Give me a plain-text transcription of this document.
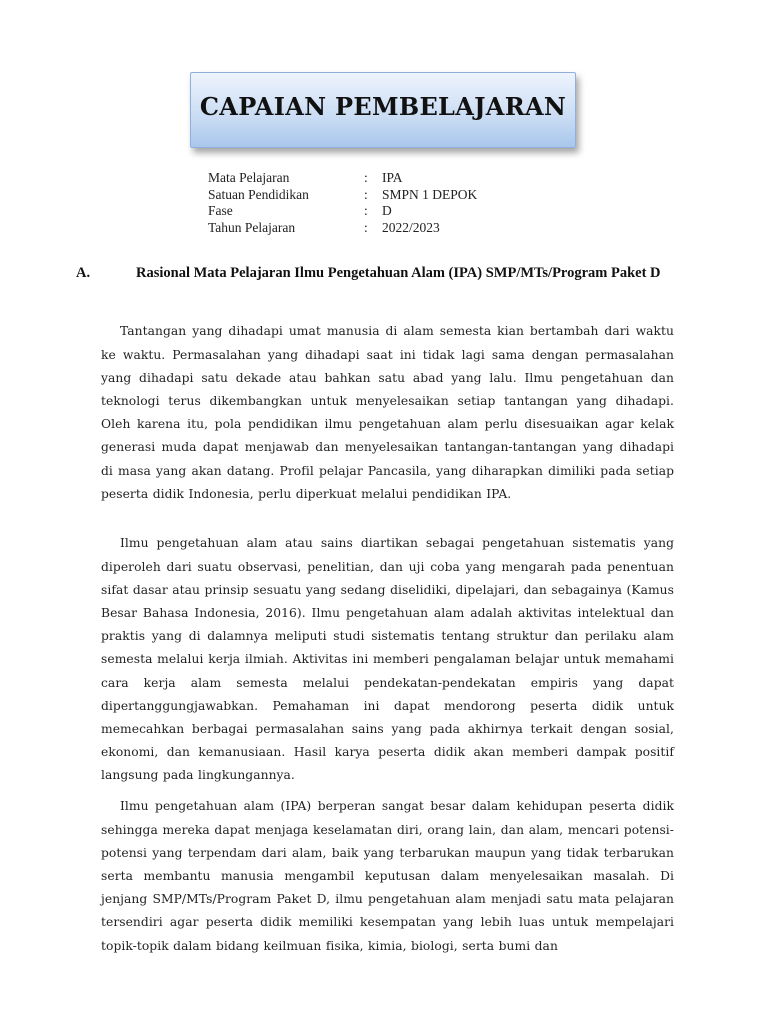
CAPAIAN PEMBELAJARAN
Mata Pelajaran	:	IPA
Satuan Pendidikan	:	SMPN 1 DEPOK
Fase	:	D
Tahun Pelajaran	:	2022/2023
A.	Rasional Mata Pelajaran Ilmu Pengetahuan Alam (IPA) SMP/MTs/Program Paket D

Tantangan yang dihadapi umat manusia di alam semesta kian bertambah dari waktu ke waktu. Permasalahan yang dihadapi saat ini tidak lagi sama dengan permasalahan yang dihadapi satu dekade atau bahkan satu abad yang lalu. Ilmu pengetahuan dan teknologi terus dikembangkan untuk menyelesaikan setiap tantangan yang dihadapi. Oleh karena itu, pola pendidikan ilmu pengetahuan alam perlu disesuaikan agar kelak generasi muda dapat menjawab dan menyelesaikan tantangan-tantangan yang dihadapi di masa yang akan datang. Profil pelajar Pancasila, yang diharapkan dimiliki pada setiap peserta didik Indonesia, perlu diperkuat melalui pendidikan IPA.

Ilmu pengetahuan alam atau sains diartikan sebagai pengetahuan sistematis yang diperoleh dari suatu observasi, penelitian, dan uji coba yang mengarah pada penentuan sifat dasar atau prinsip sesuatu yang sedang diselidiki, dipelajari, dan sebagainya (Kamus Besar Bahasa Indonesia, 2016). Ilmu pengetahuan alam adalah aktivitas intelektual dan praktis yang di dalamnya meliputi studi sistematis tentang struktur dan perilaku alam semesta melalui kerja ilmiah. Aktivitas ini memberi pengalaman belajar untuk memahami cara kerja alam semesta melalui pendekatan-pendekatan empiris yang dapat dipertanggungjawabkan. Pemahaman ini dapat mendorong peserta didik untuk memecahkan berbagai permasalahan sains yang pada akhirnya terkait dengan sosial, ekonomi, dan kemanusiaan. Hasil karya peserta didik akan memberi dampak positif langsung pada lingkungannya.

Ilmu pengetahuan alam (IPA) berperan sangat besar dalam kehidupan peserta didik sehingga mereka dapat menjaga keselamatan diri, orang lain, dan alam, mencari potensi-potensi yang terpendam dari alam, baik yang terbarukan maupun yang tidak terbarukan serta membantu manusia mengambil keputusan dalam menyelesaikan masalah. Di jenjang SMP/MTs/Program Paket D, ilmu pengetahuan alam menjadi satu mata pelajaran tersendiri agar peserta didik memiliki kesempatan yang lebih luas untuk mempelajari topik-topik dalam bidang keilmuan fisika, kimia, biologi, serta bumi dan
